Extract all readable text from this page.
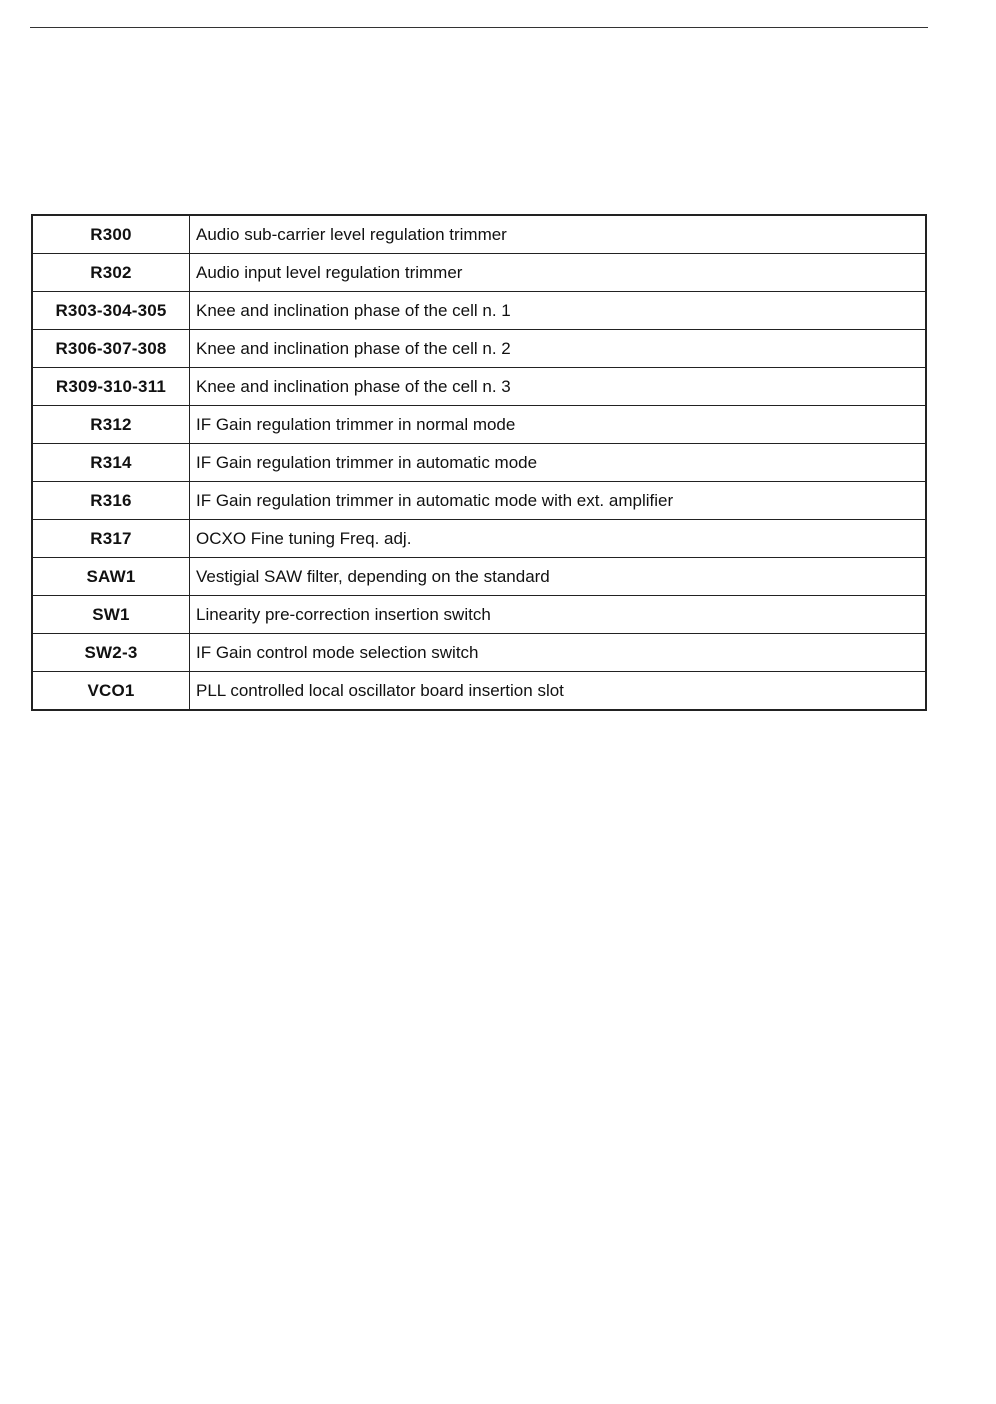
R300	Audio sub-carrier level regulation trimmer
R302	Audio input level regulation trimmer
R303-304-305	Knee and inclination phase of the cell n. 1
R306-307-308	Knee and inclination phase of the cell n. 2
R309-310-311	Knee and inclination phase of the cell n. 3
R312	IF Gain regulation trimmer in normal mode
R314	IF Gain regulation trimmer in automatic mode
R316	IF Gain regulation trimmer in automatic mode with ext. amplifier
R317	OCXO Fine tuning Freq. adj.
SAW1	Vestigial SAW filter, depending on the standard
SW1	Linearity pre-correction insertion switch
SW2-3	IF Gain control mode selection switch
VCO1	PLL controlled local oscillator board insertion slot
